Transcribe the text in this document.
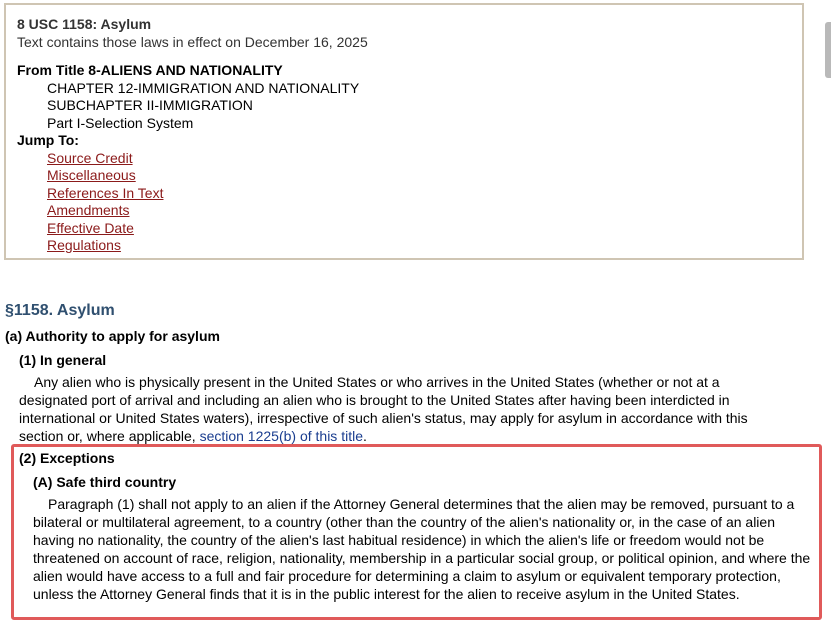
8 USC 1158: Asylum
Text contains those laws in effect on December 16, 2025
From Title 8-ALIENS AND NATIONALITY
CHAPTER 12-IMMIGRATION AND NATIONALITY
SUBCHAPTER II-IMMIGRATION
Part I-Selection System
Jump To:
Source Credit
Miscellaneous
References In Text
Amendments
Effective Date
Regulations
§1158. Asylum
(a) Authority to apply for asylum
(1) In general
Any alien who is physically present in the United States or who arrives in the United States (whether or not at a designated port of arrival and including an alien who is brought to the United States after having been interdicted in international or United States waters), irrespective of such alien's status, may apply for asylum in accordance with this section or, where applicable, section 1225(b) of this title.
(2) Exceptions
(A) Safe third country
Paragraph (1) shall not apply to an alien if the Attorney General determines that the alien may be removed, pursuant to a bilateral or multilateral agreement, to a country (other than the country of the alien's nationality or, in the case of an alien having no nationality, the country of the alien's last habitual residence) in which the alien's life or freedom would not be threatened on account of race, religion, nationality, membership in a particular social group, or political opinion, and where the alien would have access to a full and fair procedure for determining a claim to asylum or equivalent temporary protection, unless the Attorney General finds that it is in the public interest for the alien to receive asylum in the United States.
